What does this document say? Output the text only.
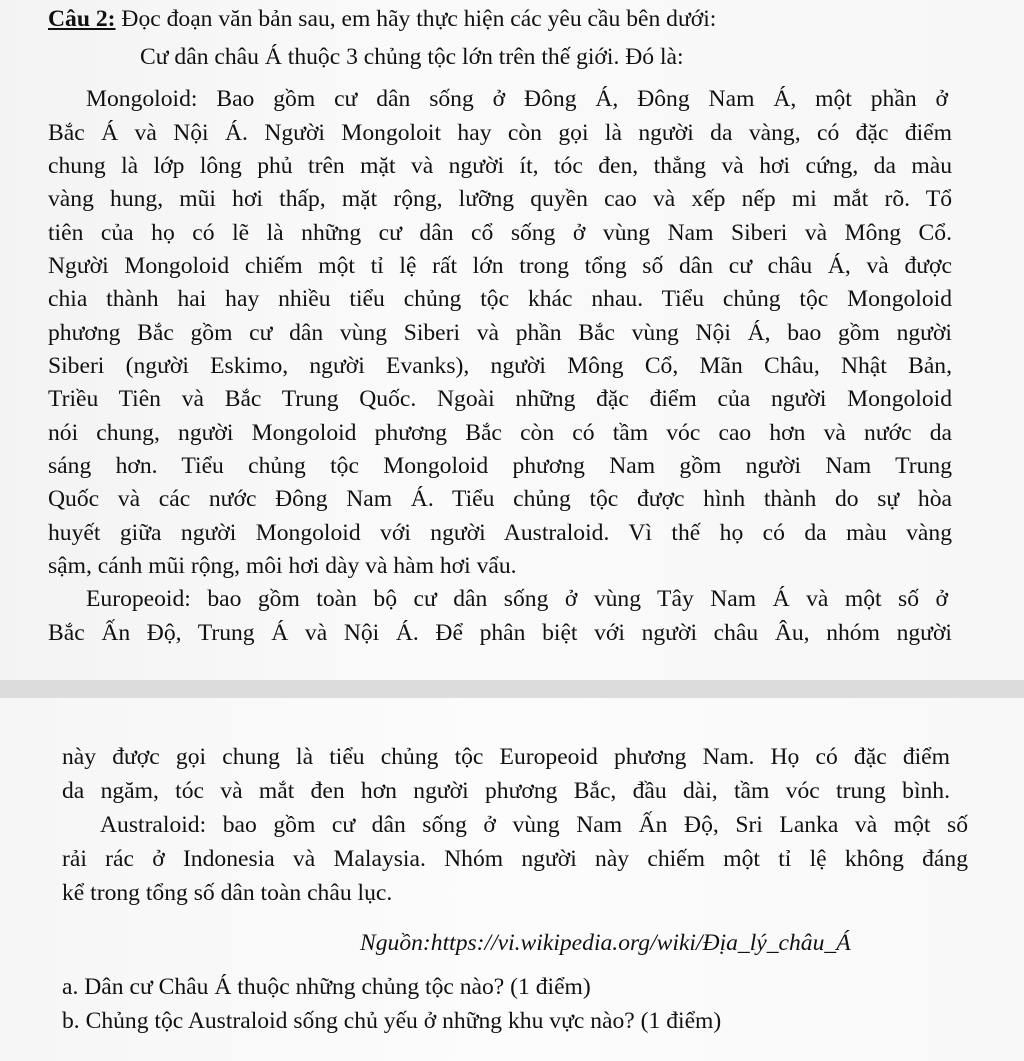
Câu 2: Đọc đoạn văn bản sau, em hãy thực hiện các yêu cầu bên dưới:
Cư dân châu Á thuộc 3 chủng tộc lớn trên thế giới. Đó là:
Mongoloid: Bao gồm cư dân sống ở Đông Á, Đông Nam Á, một phần ở
Bắc Á và Nội Á. Người Mongoloit hay còn gọi là người da vàng, có đặc điểm
chung là lớp lông phủ trên mặt và người ít, tóc đen, thẳng và hơi cứng, da màu
vàng hung, mũi hơi thấp, mặt rộng, lưỡng quyền cao và xếp nếp mi mắt rõ. Tổ
tiên của họ có lẽ là những cư dân cổ sống ở vùng Nam Siberi và Mông Cổ.
Người Mongoloid chiếm một tỉ lệ rất lớn trong tổng số dân cư châu Á, và được
chia thành hai hay nhiều tiểu chủng tộc khác nhau. Tiểu chủng tộc Mongoloid
phương Bắc gồm cư dân vùng Siberi và phần Bắc vùng Nội Á, bao gồm người
Siberi (người Eskimo, người Evanks), người Mông Cổ, Mãn Châu, Nhật Bản,
Triều Tiên và Bắc Trung Quốc. Ngoài những đặc điểm của người Mongoloid
nói chung, người Mongoloid phương Bắc còn có tầm vóc cao hơn và nước da
sáng hơn. Tiểu chủng tộc Mongoloid phương Nam gồm người Nam Trung
Quốc và các nước Đông Nam Á. Tiểu chủng tộc được hình thành do sự hòa
huyết giữa người Mongoloid với người Australoid. Vì thế họ có da màu vàng
sậm, cánh mũi rộng, môi hơi dày và hàm hơi vẩu.
Europeoid: bao gồm toàn bộ cư dân sống ở vùng Tây Nam Á và một số ở
Bắc Ấn Độ, Trung Á và Nội Á. Để phân biệt với người châu Âu, nhóm người
này được gọi chung là tiểu chủng tộc Europeoid phương Nam. Họ có đặc điểm
da ngăm, tóc và mắt đen hơn người phương Bắc, đầu dài, tầm vóc trung bình.
Australoid: bao gồm cư dân sống ở vùng Nam Ấn Độ, Sri Lanka và một số
rải rác ở Indonesia và Malaysia. Nhóm người này chiếm một tỉ lệ không đáng
kể trong tổng số dân toàn châu lục.
Nguồn:https://vi.wikipedia.org/wiki/Địa_lý_châu_Á
a. Dân cư Châu Á thuộc những chủng tộc nào? (1 điểm)
b. Chủng tộc Australoid sống chủ yếu ở những khu vực nào? (1 điểm)
